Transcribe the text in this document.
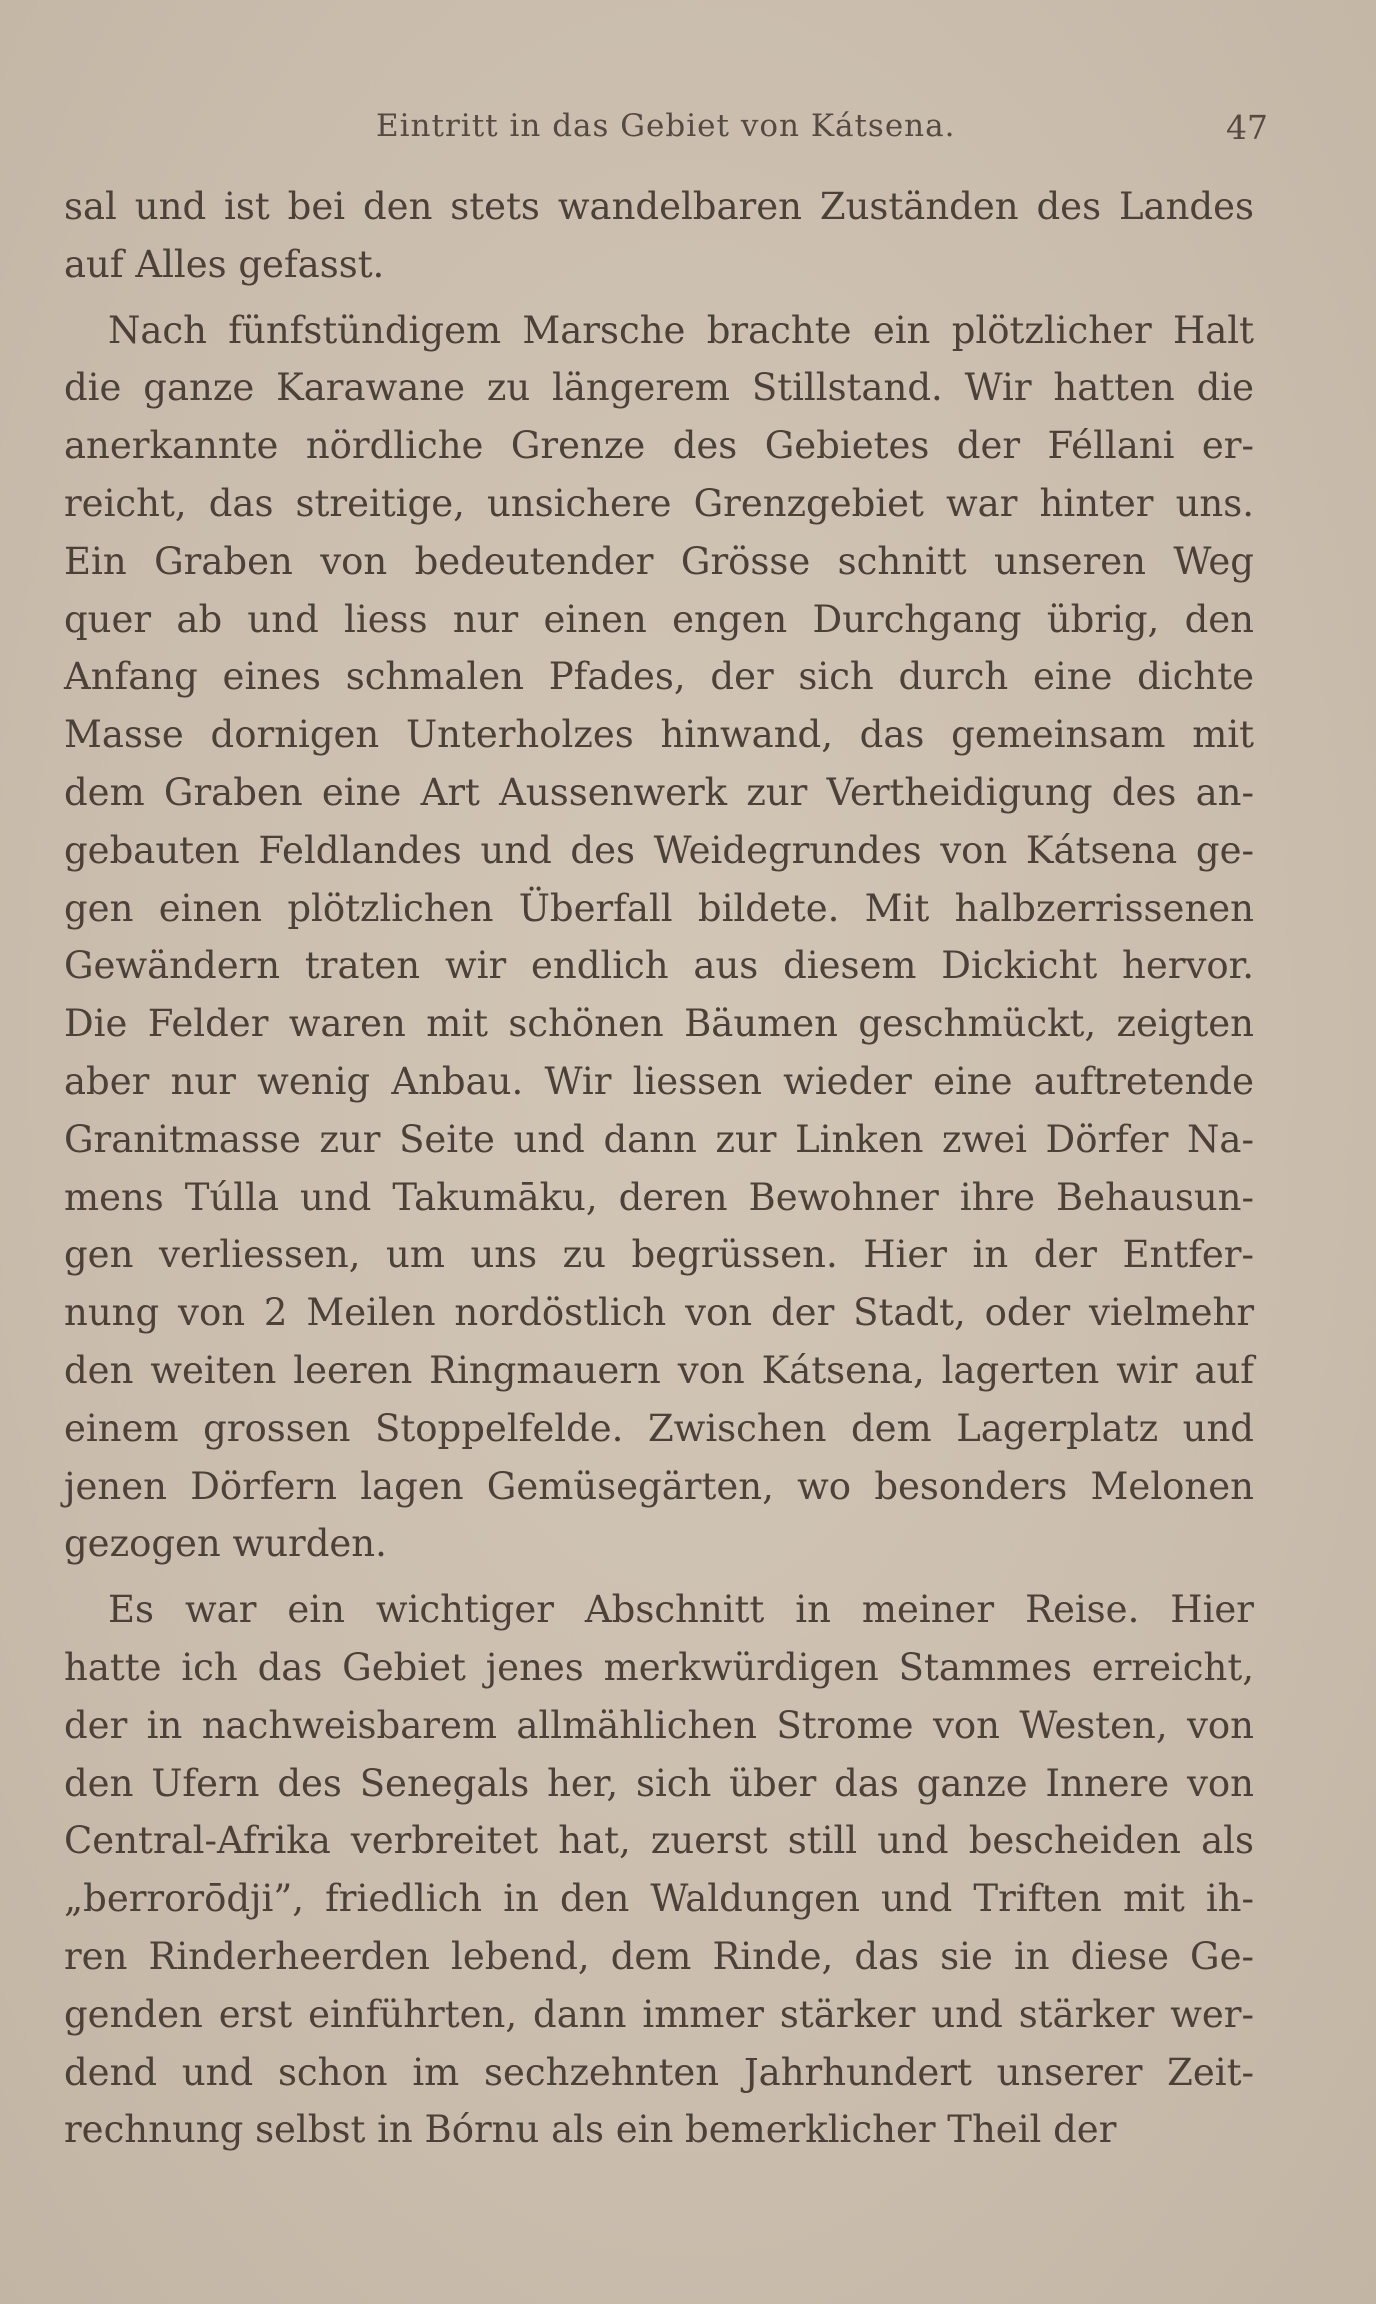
Eintritt in das Gebiet von Kátsena.	47
sal und ist bei den stets wandelbaren Zuständen des Landes
auf Alles gefasst.
Nach fünfstündigem Marsche brachte ein plötzlicher Halt
die ganze Karawane zu längerem Stillstand. Wir hatten die
anerkannte nördliche Grenze des Gebietes der Féllani er-
reicht, das streitige, unsichere Grenzgebiet war hinter uns.
Ein Graben von bedeutender Grösse schnitt unseren Weg
quer ab und liess nur einen engen Durchgang übrig, den
Anfang eines schmalen Pfades, der sich durch eine dichte
Masse dornigen Unterholzes hinwand, das gemeinsam mit
dem Graben eine Art Aussenwerk zur Vertheidigung des an-
gebauten Feldlandes und des Weidegrundes von Kátsena ge-
gen einen plötzlichen Überfall bildete. Mit halbzerrissenen
Gewändern traten wir endlich aus diesem Dickicht hervor.
Die Felder waren mit schönen Bäumen geschmückt, zeigten
aber nur wenig Anbau. Wir liessen wieder eine auftretende
Granitmasse zur Seite und dann zur Linken zwei Dörfer Na-
mens Túlla und Takumāku, deren Bewohner ihre Behausun-
gen verliessen, um uns zu begrüssen. Hier in der Entfer-
nung von 2 Meilen nordöstlich von der Stadt, oder vielmehr
den weiten leeren Ringmauern von Kátsena, lagerten wir auf
einem grossen Stoppelfelde. Zwischen dem Lagerplatz und
jenen Dörfern lagen Gemüsegärten, wo besonders Melonen
gezogen wurden.
Es war ein wichtiger Abschnitt in meiner Reise. Hier
hatte ich das Gebiet jenes merkwürdigen Stammes erreicht,
der in nachweisbarem allmählichen Strome von Westen, von
den Ufern des Senegals her, sich über das ganze Innere von
Central-Afrika verbreitet hat, zuerst still und bescheiden als
„berrorōdji”, friedlich in den Waldungen und Triften mit ih-
ren Rinderheerden lebend, dem Rinde, das sie in diese Ge-
genden erst einführten, dann immer stärker und stärker wer-
dend und schon im sechzehnten Jahrhundert unserer Zeit-
rechnung selbst in Bórnu als ein bemerklicher Theil der
